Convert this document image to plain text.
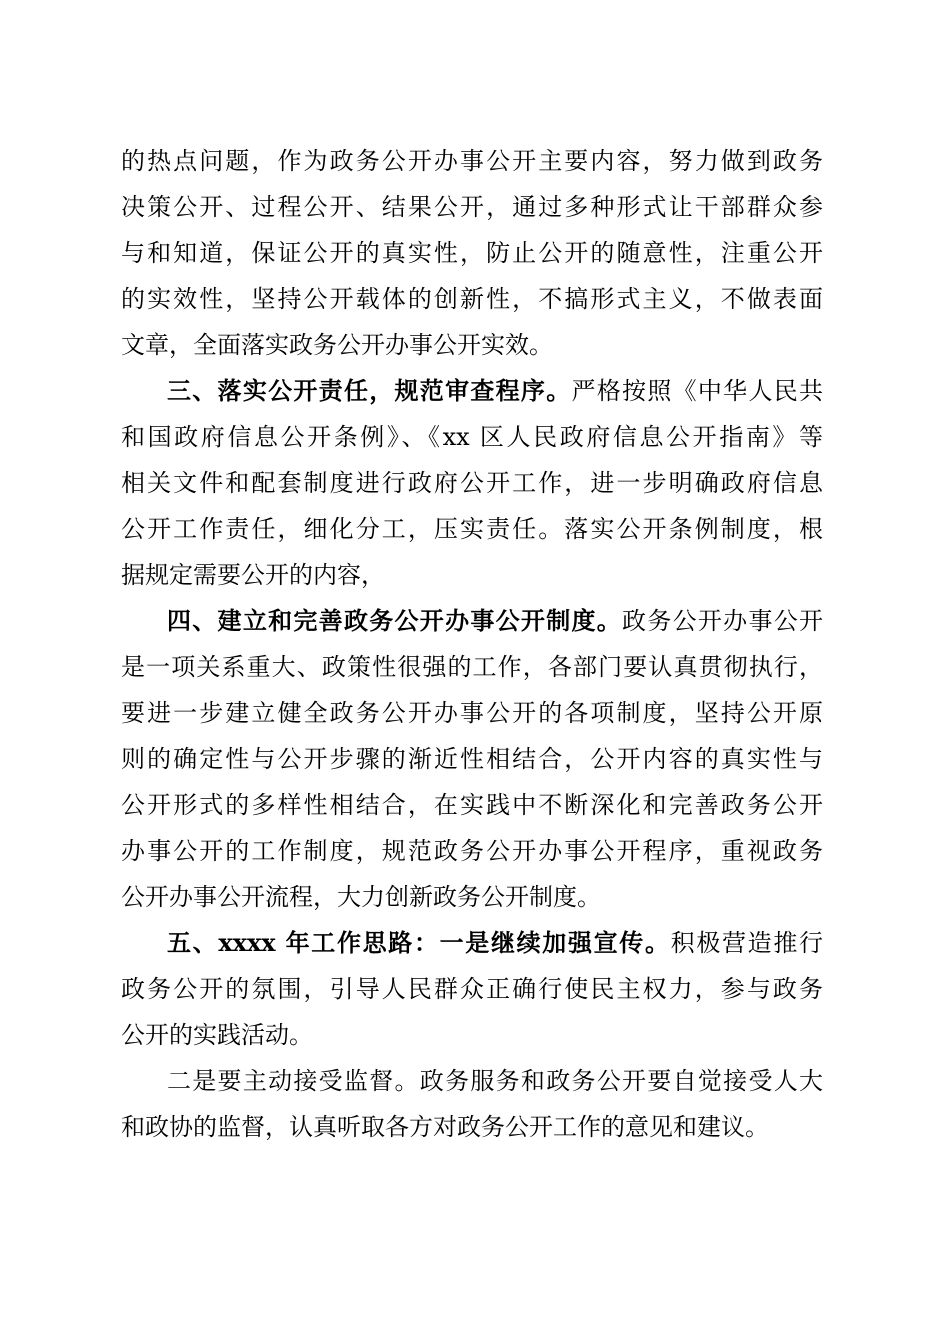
的热点问题，作为政务公开办事公开主要内容，努力做到政务
决策公开、过程公开、结果公开，通过多种形式让干部群众参
与和知道，保证公开的真实性，防止公开的随意性，注重公开
的实效性，坚持公开载体的创新性，不搞形式主义，不做表面
文章，全面落实政务公开办事公开实效。
三、落实公开责任，规范审查程序。严格按照《中华人民共
和国政府信息公开条例》、《xx 区人民政府信息公开指南》等
相关文件和配套制度进行政府公开工作，进一步明确政府信息
公开工作责任，细化分工，压实责任。落实公开条例制度，根
据规定需要公开的内容，
四、建立和完善政务公开办事公开制度。政务公开办事公开
是一项关系重大、政策性很强的工作，各部门要认真贯彻执行，
要进一步建立健全政务公开办事公开的各项制度，坚持公开原
则的确定性与公开步骤的渐近性相结合，公开内容的真实性与
公开形式的多样性相结合，在实践中不断深化和完善政务公开
办事公开的工作制度，规范政务公开办事公开程序，重视政务
公开办事公开流程，大力创新政务公开制度。
五、xxxx 年工作思路：一是继续加强宣传。积极营造推行
政务公开的氛围，引导人民群众正确行使民主权力，参与政务
公开的实践活动。
二是要主动接受监督。政务服务和政务公开要自觉接受人大
和政协的监督，认真听取各方对政务公开工作的意见和建议。
